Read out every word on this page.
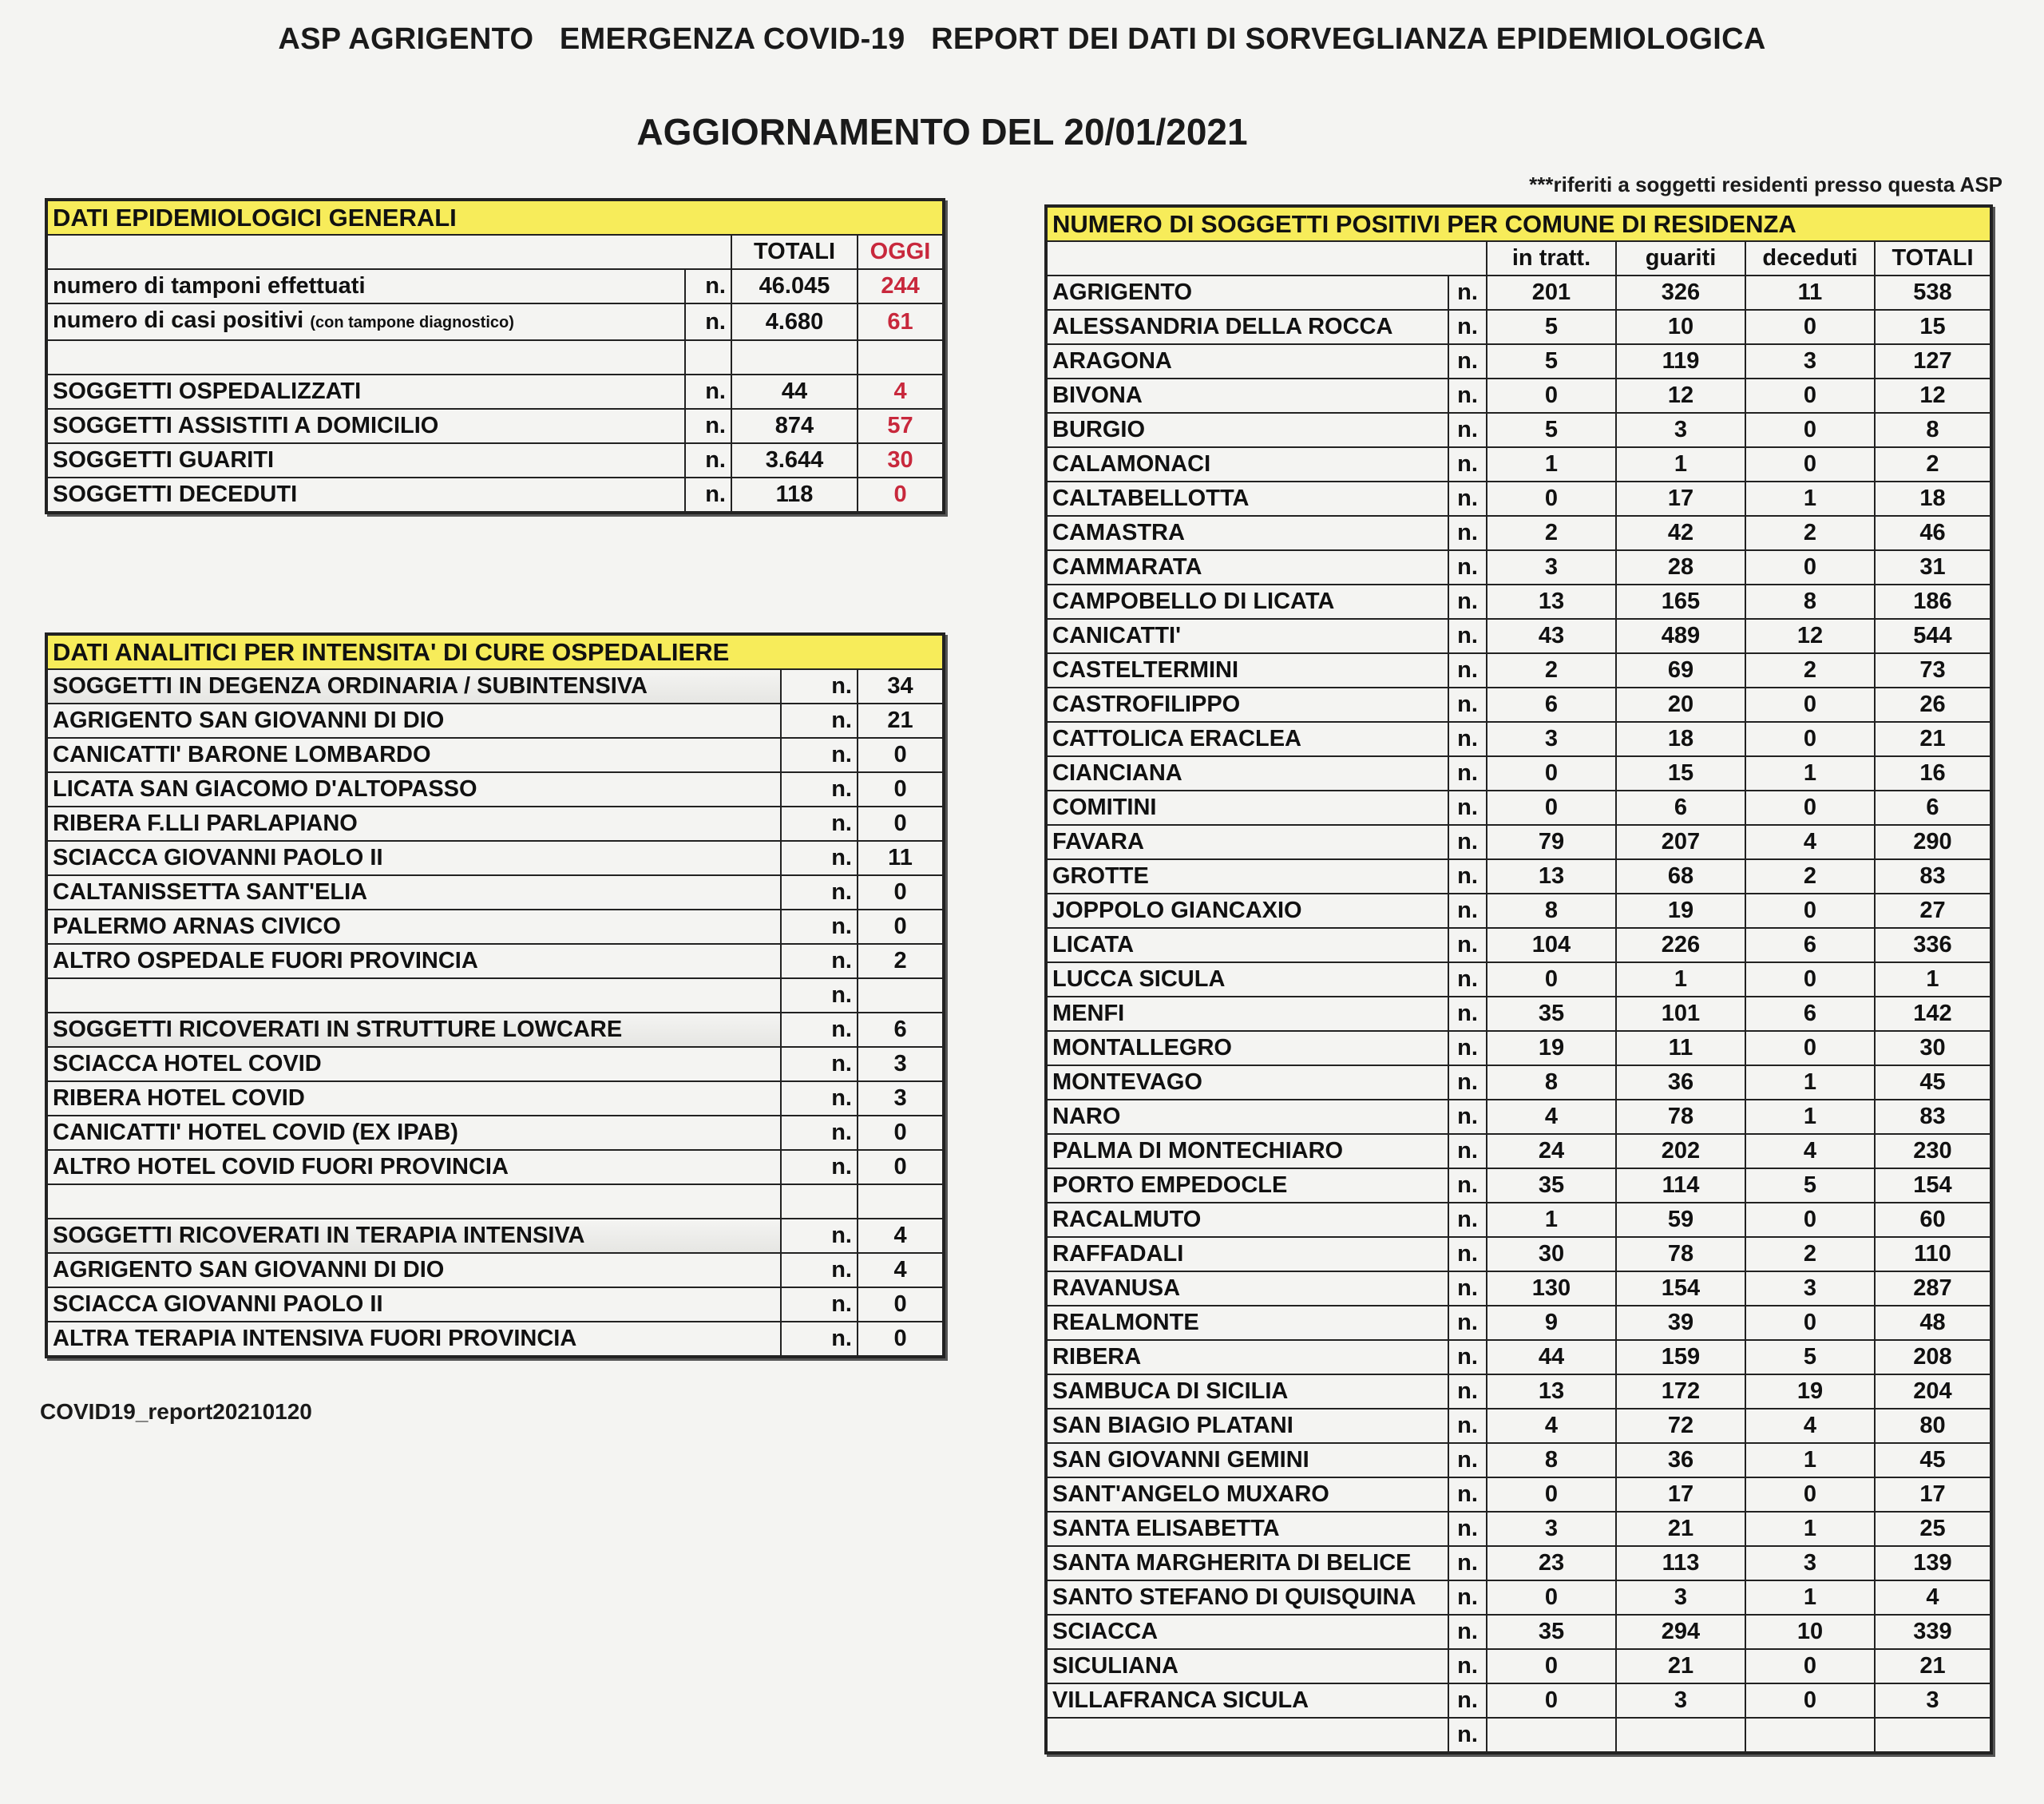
ASP AGRIGENTO   EMERGENZA COVID-19   REPORT DEI DATI DI SORVEGLIANZA EPIDEMIOLOGICA
AGGIORNAMENTO DEL 20/01/2021
***riferiti a soggetti residenti presso questa ASP
DATI EPIDEMIOLOGICI GENERALI			
		TOTALI	OGGI
numero di tamponi effettuati	n.	46.045	244
numero di casi positivi (con tampone diagnostico)	n.	4.680	61

SOGGETTI OSPEDALIZZATI	n.	44	4
SOGGETTI ASSISTITI A DOMICILIO	n.	874	57
SOGGETTI GUARITI	n.	3.644	30
SOGGETTI DECEDUTI	n.	118	0
DATI ANALITICI PER INTENSITA' DI CURE OSPEDALIERE		
SOGGETTI IN DEGENZA ORDINARIA / SUBINTENSIVA	n.	34
AGRIGENTO SAN GIOVANNI DI DIO	n.	21
CANICATTI' BARONE LOMBARDO	n.	0
LICATA SAN GIACOMO D'ALTOPASSO	n.	0
RIBERA F.LLI PARLAPIANO	n.	0
SCIACCA GIOVANNI PAOLO II	n.	11
CALTANISSETTA SANT'ELIA	n.	0
PALERMO ARNAS CIVICO	n.	0
ALTRO OSPEDALE FUORI PROVINCIA	n.	2
	n.	
SOGGETTI RICOVERATI IN STRUTTURE LOWCARE	n.	6
SCIACCA HOTEL COVID	n.	3
RIBERA HOTEL COVID	n.	3
CANICATTI' HOTEL COVID (EX IPAB)	n.	0
ALTRO HOTEL COVID FUORI PROVINCIA	n.	0

SOGGETTI RICOVERATI IN TERAPIA INTENSIVA	n.	4
AGRIGENTO SAN GIOVANNI DI DIO	n.	4
SCIACCA GIOVANNI PAOLO II	n.	0
ALTRA TERAPIA INTENSIVA FUORI PROVINCIA	n.	0
COVID19_report20210120
NUMERO DI SOGGETTI POSITIVI PER COMUNE DI RESIDENZA					
		in tratt.	guariti	deceduti	TOTALI
AGRIGENTO	n.	201	326	11	538
ALESSANDRIA DELLA ROCCA	n.	5	10	0	15
ARAGONA	n.	5	119	3	127
BIVONA	n.	0	12	0	12
BURGIO	n.	5	3	0	8
CALAMONACI	n.	1	1	0	2
CALTABELLOTTA	n.	0	17	1	18
CAMASTRA	n.	2	42	2	46
CAMMARATA	n.	3	28	0	31
CAMPOBELLO DI LICATA	n.	13	165	8	186
CANICATTI'	n.	43	489	12	544
CASTELTERMINI	n.	2	69	2	73
CASTROFILIPPO	n.	6	20	0	26
CATTOLICA ERACLEA	n.	3	18	0	21
CIANCIANA	n.	0	15	1	16
COMITINI	n.	0	6	0	6
FAVARA	n.	79	207	4	290
GROTTE	n.	13	68	2	83
JOPPOLO GIANCAXIO	n.	8	19	0	27
LICATA	n.	104	226	6	336
LUCCA SICULA	n.	0	1	0	1
MENFI	n.	35	101	6	142
MONTALLEGRO	n.	19	11	0	30
MONTEVAGO	n.	8	36	1	45
NARO	n.	4	78	1	83
PALMA DI MONTECHIARO	n.	24	202	4	230
PORTO EMPEDOCLE	n.	35	114	5	154
RACALMUTO	n.	1	59	0	60
RAFFADALI	n.	30	78	2	110
RAVANUSA	n.	130	154	3	287
REALMONTE	n.	9	39	0	48
RIBERA	n.	44	159	5	208
SAMBUCA DI SICILIA	n.	13	172	19	204
SAN BIAGIO PLATANI	n.	4	72	4	80
SAN GIOVANNI GEMINI	n.	8	36	1	45
SANT'ANGELO MUXARO	n.	0	17	0	17
SANTA ELISABETTA	n.	3	21	1	25
SANTA MARGHERITA DI BELICE	n.	23	113	3	139
SANTO STEFANO DI QUISQUINA	n.	0	3	1	4
SCIACCA	n.	35	294	10	339
SICULIANA	n.	0	21	0	21
VILLAFRANCA SICULA	n.	0	3	0	3
	n.				
